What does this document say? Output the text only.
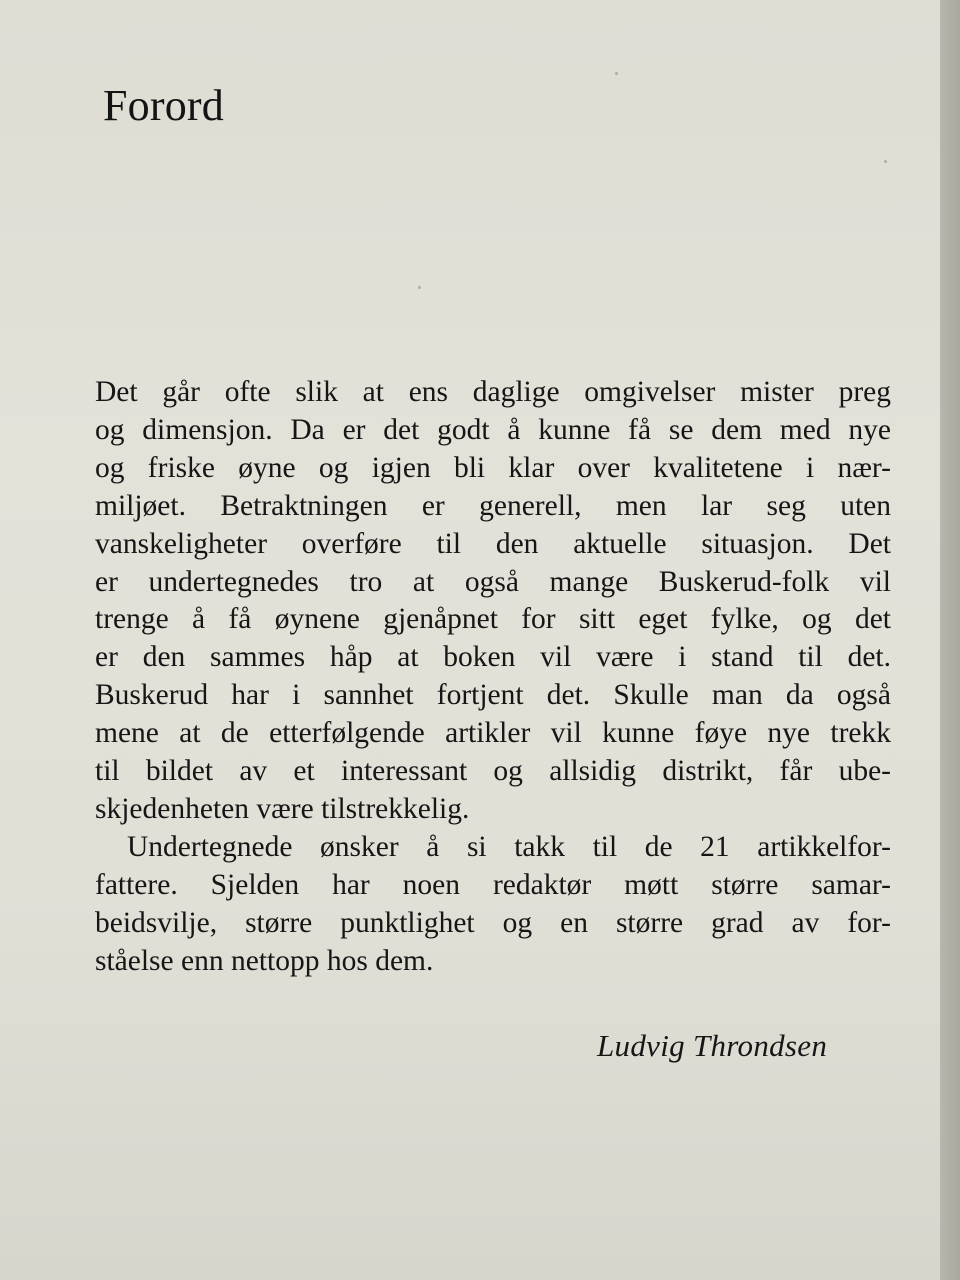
Forord
Det går ofte slik at ens daglige omgivelser mister preg
og dimensjon. Da er det godt å kunne få se dem med nye
og friske øyne og igjen bli klar over kvalitetene i nær-
miljøet. Betraktningen er generell, men lar seg uten
vanskeligheter overføre til den aktuelle situasjon. Det
er undertegnedes tro at også mange Buskerud-folk vil
trenge å få øynene gjenåpnet for sitt eget fylke, og det
er den sammes håp at boken vil være i stand til det.
Buskerud har i sannhet fortjent det. Skulle man da også
mene at de etterfølgende artikler vil kunne føye nye trekk
til bildet av et interessant og allsidig distrikt, får ube-
skjedenheten være tilstrekkelig.
Undertegnede ønsker å si takk til de 21 artikkelfor-
fattere. Sjelden har noen redaktør møtt større samar-
beidsvilje, større punktlighet og en større grad av for-
ståelse enn nettopp hos dem.
Ludvig Throndsen
